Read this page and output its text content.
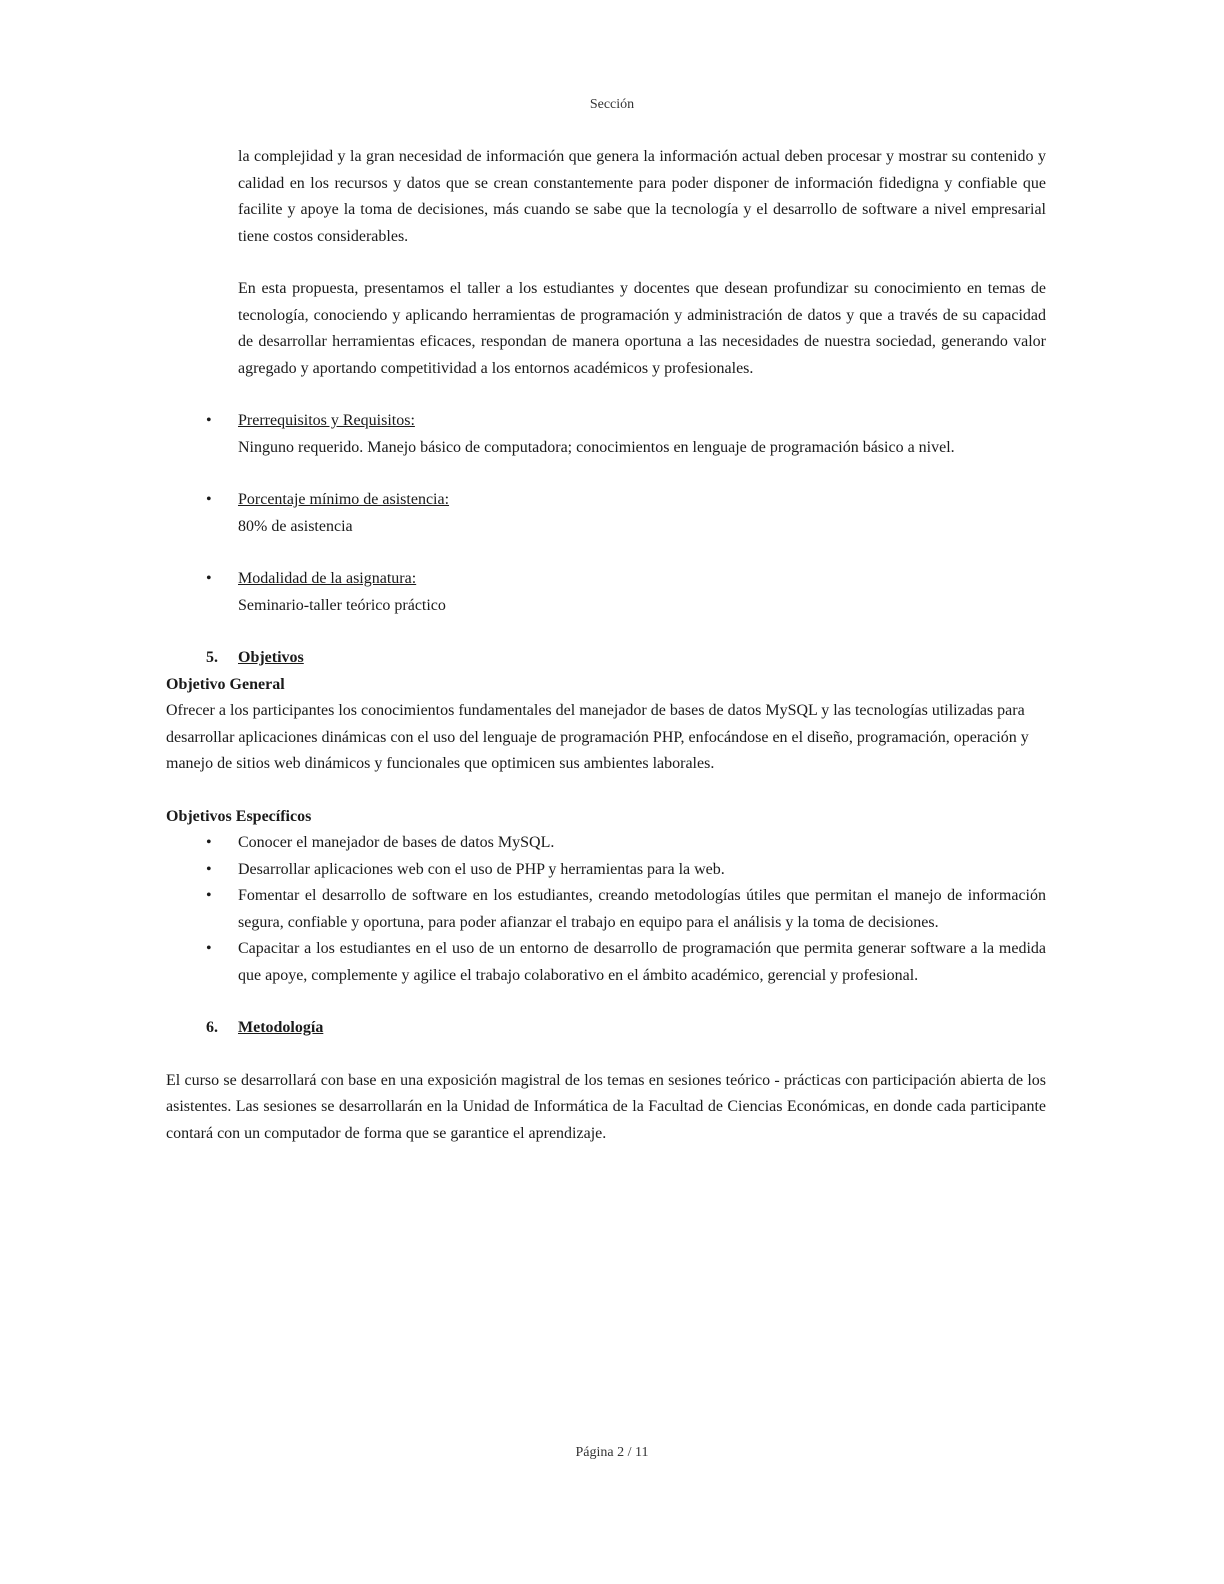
Sección

la complejidad y la gran necesidad de información que genera la información actual deben procesar y mostrar su contenido y calidad en los recursos y datos que se crean constantemente para poder disponer de información fidedigna y confiable que facilite y apoye la toma de decisiones, más cuando se sabe que la tecnología y el desarrollo de software a nivel empresarial tiene costos considerables.

En esta propuesta, presentamos el taller a los estudiantes y docentes que desean profundizar su conocimiento en temas de tecnología, conociendo y aplicando herramientas de programación y administración de datos y que a través de su capacidad de desarrollar herramientas eficaces, respondan de manera oportuna a las necesidades de nuestra sociedad, generando valor agregado y aportando competitividad a los entornos académicos y profesionales.

• Prerrequisitos y Requisitos:
Ninguno requerido. Manejo básico de computadora; conocimientos en lenguaje de programación básico a nivel.
• Porcentaje mínimo de asistencia:
80% de asistencia
• Modalidad de la asignatura:
Seminario-taller teórico práctico
5. Objetivos

Objetivo General

Ofrecer a los participantes los conocimientos fundamentales del manejador de bases de datos MySQL y las tecnologías utilizadas para desarrollar aplicaciones dinámicas con el uso del lenguaje de programación PHP, enfocándose en el diseño, programación, operación y manejo de sitios web dinámicos y funcionales que optimicen sus ambientes laborales.

Objetivos Específicos

• Conocer el manejador de bases de datos MySQL.
• Desarrollar aplicaciones web con el uso de PHP y herramientas para la web.
• Fomentar el desarrollo de software en los estudiantes, creando metodologías útiles que permitan el manejo de información segura, confiable y oportuna, para poder afianzar el trabajo en equipo para el análisis y la toma de decisiones.
• Capacitar a los estudiantes en el uso de un entorno de desarrollo de programación que permita generar software a la medida que apoye, complemente y agilice el trabajo colaborativo en el ámbito académico, gerencial y profesional.
6. Metodología

El curso se desarrollará con base en una exposición magistral de los temas en sesiones teórico - prácticas con participación abierta de los asistentes. Las sesiones se desarrollarán en la Unidad de Informática de la Facultad de Ciencias Económicas, en donde cada participante contará con un computador de forma que se garantice el aprendizaje.

Página 2 / 11
